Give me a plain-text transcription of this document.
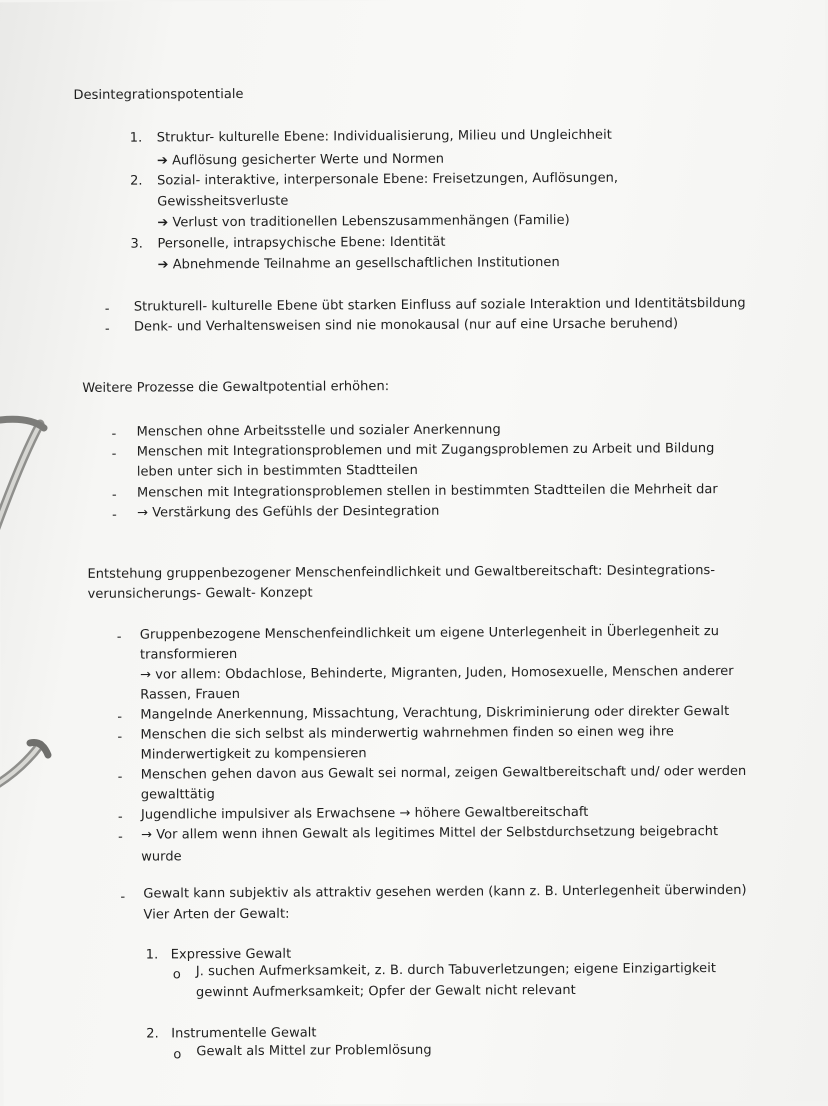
Desintegrationspotentiale
1. Struktur- kulturelle Ebene: Individualisierung, Milieu und Ungleichheit
➔ Auflösung gesicherter Werte und Normen
2. Sozial- interaktive, interpersonale Ebene: Freisetzungen, Auflösungen,
Gewissheitsverluste
➔ Verlust von traditionellen Lebenszusammenhängen (Familie)
3. Personelle, intrapsychische Ebene: Identität
➔ Abnehmende Teilnahme an gesellschaftlichen Institutionen
- Strukturell- kulturelle Ebene übt starken Einfluss auf soziale Interaktion und Identitätsbildung
- Denk- und Verhaltensweisen sind nie monokausal (nur auf eine Ursache beruhend)
Weitere Prozesse die Gewaltpotential erhöhen:
- Menschen ohne Arbeitsstelle und sozialer Anerkennung
- Menschen mit Integrationsproblemen und mit Zugangsproblemen zu Arbeit und Bildung
leben unter sich in bestimmten Stadtteilen
- Menschen mit Integrationsproblemen stellen in bestimmten Stadtteilen die Mehrheit dar
- → Verstärkung des Gefühls der Desintegration
Entstehung gruppenbezogener Menschenfeindlichkeit und Gewaltbereitschaft: Desintegrations-
verunsicherungs- Gewalt- Konzept
- Gruppenbezogene Menschenfeindlichkeit um eigene Unterlegenheit in Überlegenheit zu
transformieren
→ vor allem: Obdachlose, Behinderte, Migranten, Juden, Homosexuelle, Menschen anderer
Rassen, Frauen
- Mangelnde Anerkennung, Missachtung, Verachtung, Diskriminierung oder direkter Gewalt
- Menschen die sich selbst als minderwertig wahrnehmen finden so einen weg ihre
Minderwertigkeit zu kompensieren
- Menschen gehen davon aus Gewalt sei normal, zeigen Gewaltbereitschaft und/ oder werden
gewalttätig
- Jugendliche impulsiver als Erwachsene → höhere Gewaltbereitschaft
- → Vor allem wenn ihnen Gewalt als legitimes Mittel der Selbstdurchsetzung beigebracht
wurde
- Gewalt kann subjektiv als attraktiv gesehen werden (kann z. B. Unterlegenheit überwinden)
Vier Arten der Gewalt:
1. Expressive Gewalt
o J. suchen Aufmerksamkeit, z. B. durch Tabuverletzungen; eigene Einzigartigkeit
gewinnt Aufmerksamkeit; Opfer der Gewalt nicht relevant
2. Instrumentelle Gewalt
o Gewalt als Mittel zur Problemlösung
